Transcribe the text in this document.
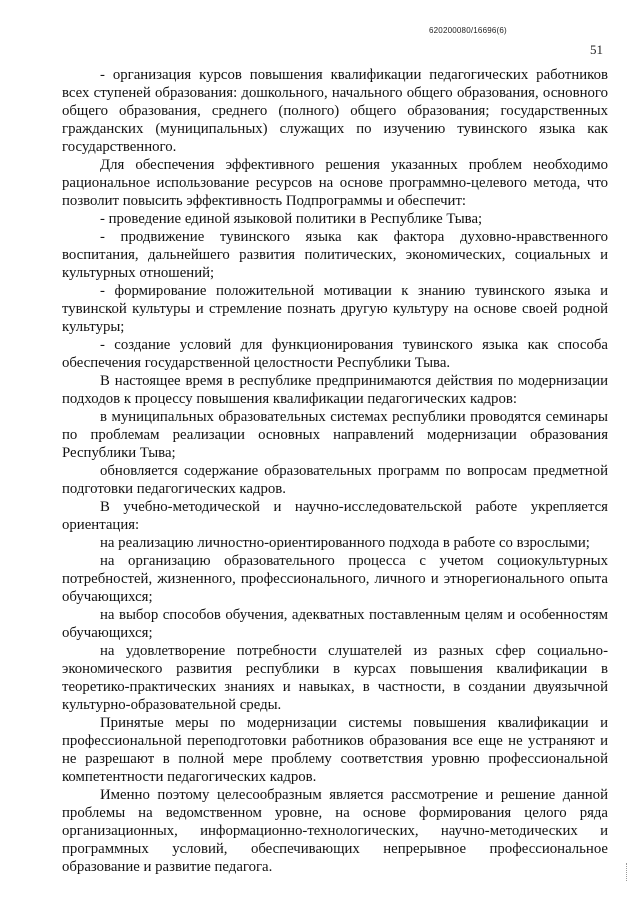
620200080/16696(6)
51

- организация курсов повышения квалификации педагогических работников всех ступеней образования: дошкольного, начального общего образования, основного общего образования, среднего (полного) общего образования; государственных гражданских (муниципальных) служащих по изучению тувинского языка как государственного.

Для обеспечения эффективного решения указанных проблем необходимо рациональное использование ресурсов на основе программно-целевого метода, что позволит повысить эффективность Подпрограммы и обеспечит:

- проведение единой языковой политики в Республике Тыва;

- продвижение тувинского языка как фактора духовно-нравственного воспитания, дальнейшего развития политических, экономических, социальных и культурных отношений;

- формирование положительной мотивации к знанию тувинского языка и тувинской культуры и стремление познать другую культуру на основе своей родной культуры;

- создание условий для функционирования тувинского языка как способа обеспечения государственной целостности Республики Тыва.

В настоящее время в республике предпринимаются действия по модернизации подходов к процессу повышения квалификации педагогических кадров:

в муниципальных образовательных системах республики проводятся семинары по проблемам реализации основных направлений модернизации образования Республики Тыва;

обновляется содержание образовательных программ по вопросам предметной подготовки педагогических кадров.

В учебно-методической и научно-исследовательской работе укрепляется ориентация:

на реализацию личностно-ориентированного подхода в работе со взрослыми;

на организацию образовательного процесса с учетом социокультурных потребностей, жизненного, профессионального, личного и этнорегионального опыта обучающихся;

на выбор способов обучения, адекватных поставленным целям и особенностям обучающихся;

на удовлетворение потребности слушателей из разных сфер социально-экономического развития республики в курсах повышения квалификации в теоретико-практических знаниях и навыках, в частности, в создании двуязычной культурно-образовательной среды.

Принятые меры по модернизации системы повышения квалификации и профессиональной переподготовки работников образования все еще не устраняют и не разрешают в полной мере проблему соответствия уровню профессиональной компетентности педагогических кадров.

Именно поэтому целесообразным является рассмотрение и решение данной проблемы на ведомственном уровне, на основе формирования целого ряда организационных, информационно-технологических, научно-методических и программных условий, обеспечивающих непрерывное профессиональное образование и развитие педагога.
